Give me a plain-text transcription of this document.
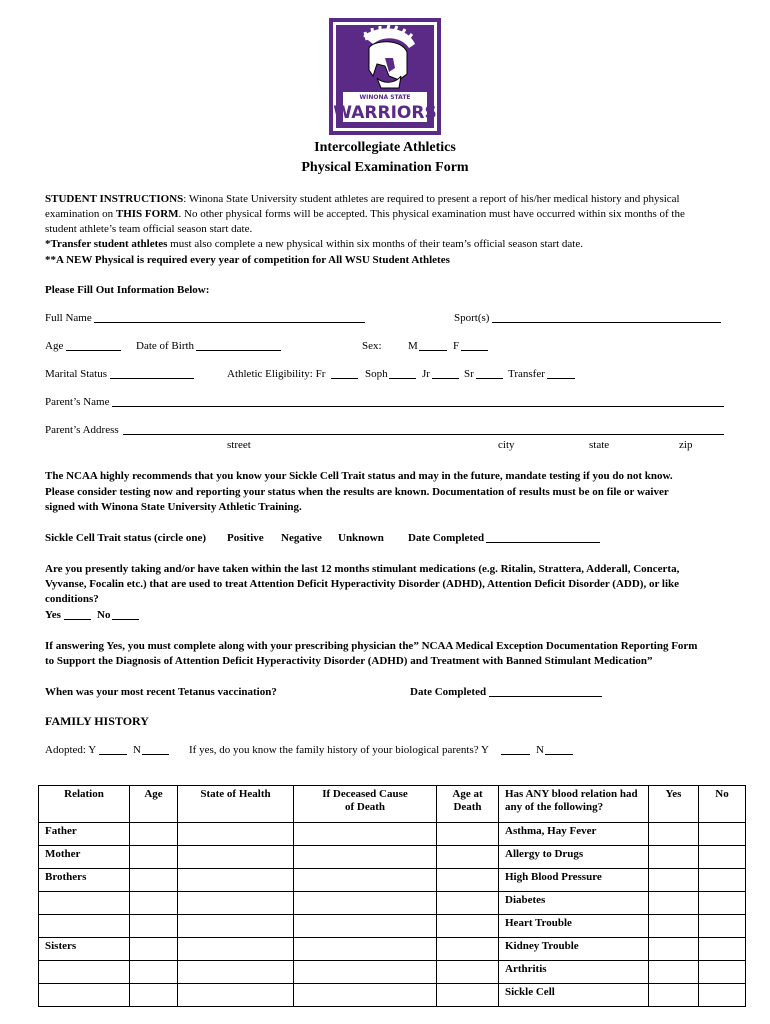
WINONA STATE
WARRIORS
Intercollegiate Athletics
Physical Examination Form
STUDENT INSTRUCTIONS: Winona State University student athletes are required to present a report of his/her medical history and physical
examination on THIS FORM. No other physical forms will be accepted. This physical examination must have occurred within six months of the
student athlete’s team official season start date.
*Transfer student athletes must also complete a new physical within six months of their team’s official season start date.
**A NEW Physical is required every year of competition for All WSU Student Athletes
Please Fill Out Information Below:
Full Name	Sport(s)
Age	Date of Birth	Sex: M	F
Marital Status	Athletic Eligibility: Fr	Soph	Jr	Sr	Transfer
Parent’s Name
Parent’s Address
street	city	state	zip
The NCAA highly recommends that you know your Sickle Cell Trait status and may in the future, mandate testing if you do not know.
Please consider testing now and reporting your status when the results are known. Documentation of results must be on file or waiver
signed with Winona State University Athletic Training.
Sickle Cell Trait status (circle one) Positive Negative Unknown Date Completed
Are you presently taking and/or have taken within the last 12 months stimulant medications (e.g. Ritalin, Strattera, Adderall, Concerta,
Vyvanse, Focalin etc.) that are used to treat Attention Deficit Hyperactivity Disorder (ADHD), Attention Deficit Disorder (ADD), or like
conditions?
Yes	No
If answering Yes, you must complete along with your prescribing physician the” NCAA Medical Exception Documentation Reporting Form
to Support the Diagnosis of Attention Deficit Hyperactivity Disorder (ADHD) and Treatment with Banned Stimulant Medication”
When was your most recent Tetanus vaccination?	Date Completed
FAMILY HISTORY
Adopted: Y	N	If yes, do you know the family history of your biological parents? Y	N
Relation	Age	State of Health	If Deceased Cause of Death	Age at Death	Has ANY blood relation had any of the following?	Yes	No
Father					Asthma, Hay Fever		
Mother					Allergy to Drugs		
Brothers					High Blood Pressure		
					Diabetes		
					Heart Trouble		
Sisters					Kidney Trouble		
					Arthritis		
					Sickle Cell		
